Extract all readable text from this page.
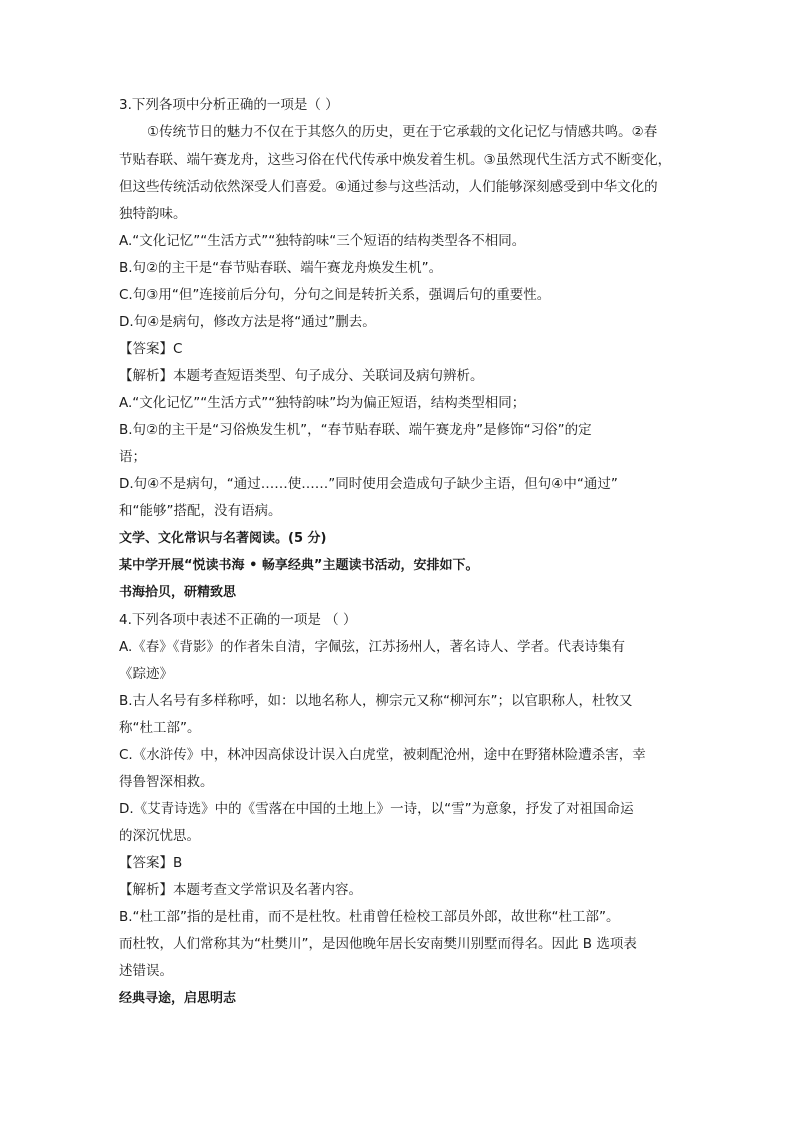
3.下列各项中分析正确的一项是（ ）
①传统节日的魅力不仅在于其悠久的历史，更在于它承载的文化记忆与情感共鸣。②春
节贴春联、端午赛龙舟，这些习俗在代代传承中焕发着生机。③虽然现代生活方式不断变化，
但这些传统活动依然深受人们喜爱。④通过参与这些活动，人们能够深刻感受到中华文化的
独特韵味。
A.“文化记忆”“生活方式”“独特韵味“三个短语的结构类型各不相同。
B.句②的主干是“春节贴春联、端午赛龙舟焕发生机”。
C.句③用“但”连接前后分句，分句之间是转折关系，强调后句的重要性。
D.句④是病句，修改方法是将“通过”删去。
【答案】C
【解析】本题考查短语类型、句子成分、关联词及病句辨析。
A.“文化记忆”“生活方式”“独特韵味”均为偏正短语，结构类型相同；
B.句②的主干是“习俗焕发生机”，“春节贴春联、端午赛龙舟”是修饰“习俗”的定
语；
D.句④不是病句，“通过……使……”同时使用会造成句子缺少主语，但句④中“通过”
和“能够”搭配，没有语病。
文学、文化常识与名著阅读。(5 分)
某中学开展“悦读书海 • 畅享经典”主题读书活动，安排如下。
书海拾贝，研精致思
4.下列各项中表述不正确的一项是 （ ）
A.《春》《背影》的作者朱自清，字佩弦，江苏扬州人，著名诗人、学者。代表诗集有
《踪迹》
B.古人名号有多样称呼，如：以地名称人，柳宗元又称“柳河东”；以官职称人，杜牧又
称“杜工部”。
C.《水浒传》中，林冲因高俅设计误入白虎堂，被刺配沧州，途中在野猪林险遭杀害，幸
得鲁智深相救。
D.《艾青诗选》中的《雪落在中国的土地上》一诗，以“雪”为意象，抒发了对祖国命运
的深沉忧思。
【答案】B
【解析】本题考查文学常识及名著内容。
B.“杜工部”指的是杜甫，而不是杜牧。杜甫曾任检校工部员外郎，故世称“杜工部”。
而杜牧，人们常称其为“杜樊川”，是因他晚年居长安南樊川别墅而得名。因此 B 选项表
述错误。
经典寻途，启思明志
